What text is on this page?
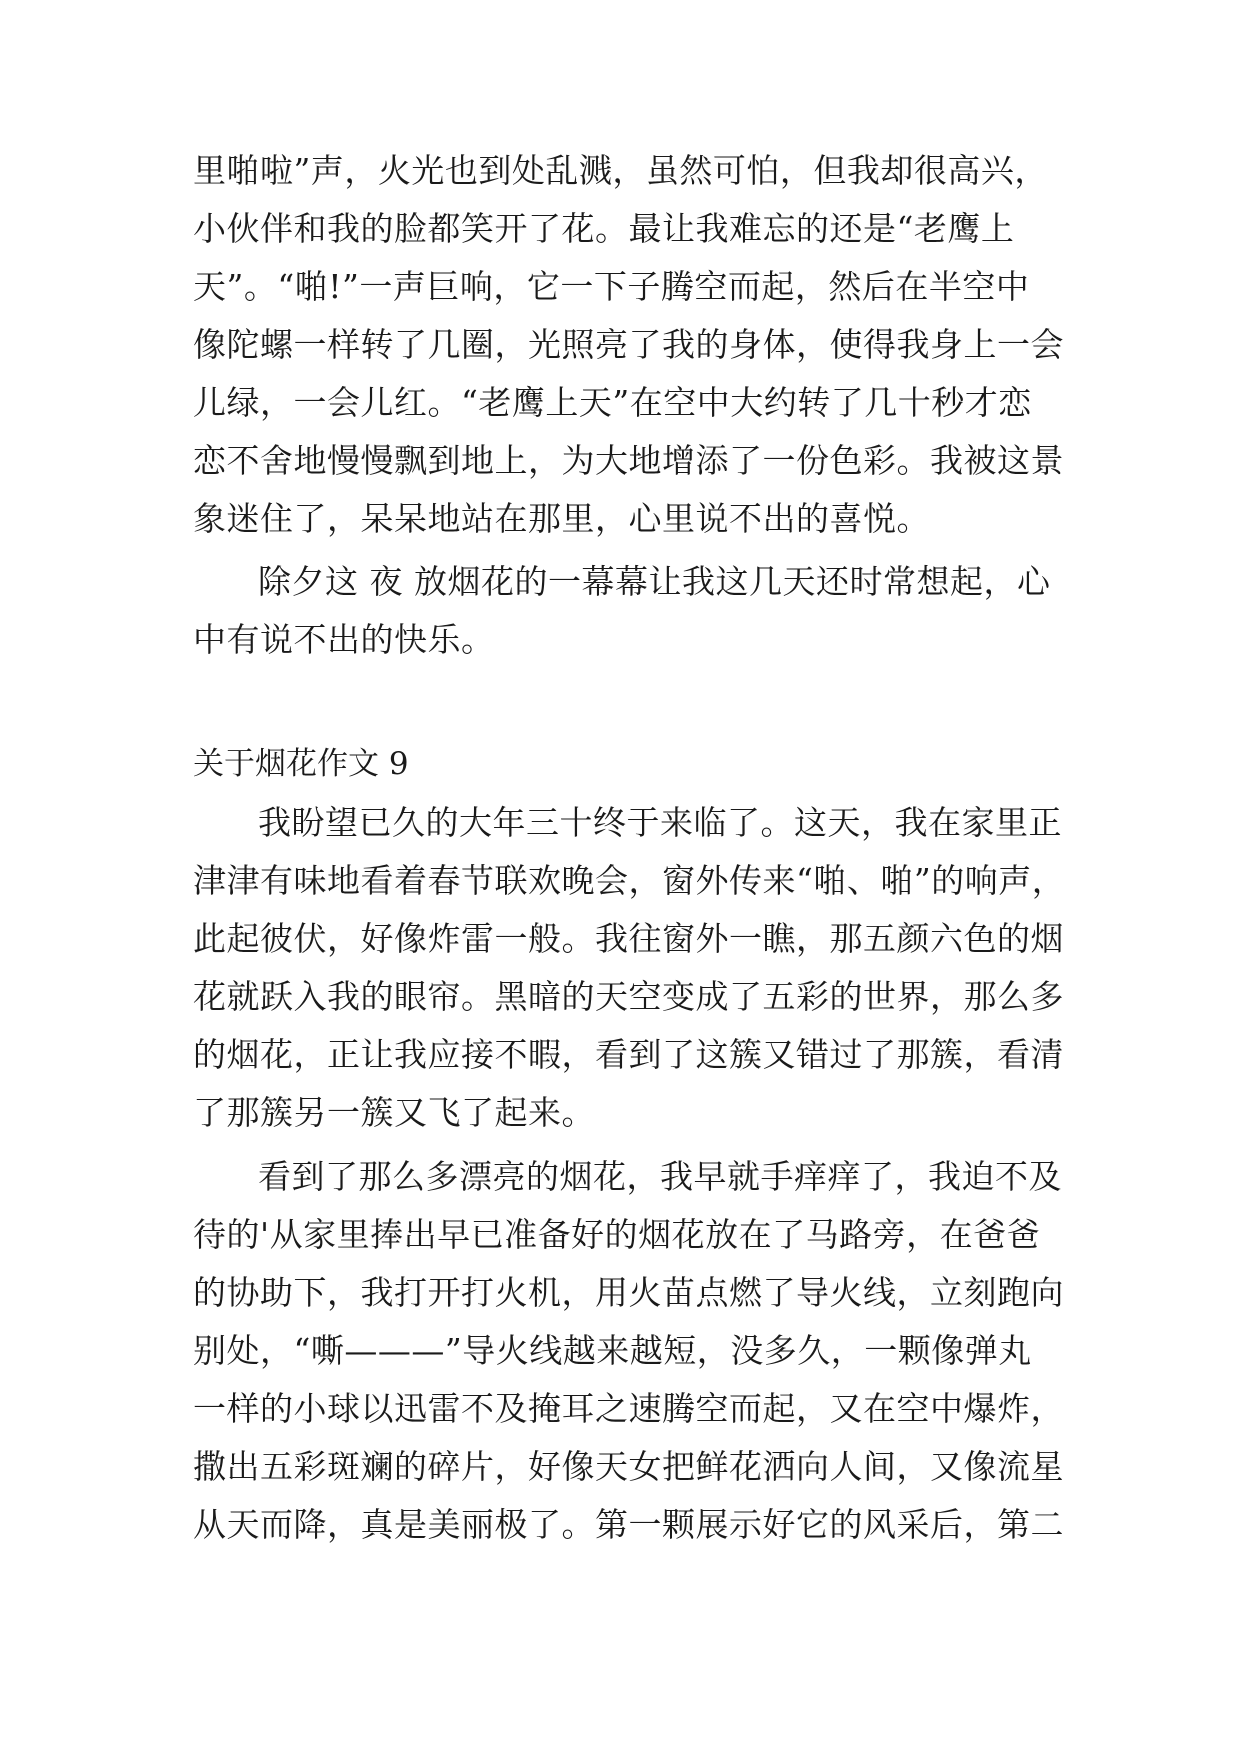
里啪啦”声，火光也到处乱溅，虽然可怕，但我却很高兴，
小伙伴和我的脸都笑开了花。最让我难忘的还是“老鹰上
天”。“啪!”一声巨响，它一下子腾空而起，然后在半空中
像陀螺一样转了几圈，光照亮了我的身体，使得我身上一会
儿绿，一会儿红。“老鹰上天”在空中大约转了几十秒才恋
恋不舍地慢慢飘到地上，为大地增添了一份色彩。我被这景
象迷住了，呆呆地站在那里，心里说不出的喜悦。
除夕这 夜 放烟花的一幕幕让我这几天还时常想起，心
中有说不出的快乐。
关于烟花作文 9
我盼望已久的大年三十终于来临了。这天，我在家里正
津津有味地看着春节联欢晚会，窗外传来“啪、啪”的响声，
此起彼伏，好像炸雷一般。我往窗外一瞧，那五颜六色的烟
花就跃入我的眼帘。黑暗的天空变成了五彩的世界，那么多
的烟花，正让我应接不暇，看到了这簇又错过了那簇，看清
了那簇另一簇又飞了起来。
看到了那么多漂亮的烟花，我早就手痒痒了，我迫不及
待的'从家里捧出早已准备好的烟花放在了马路旁，在爸爸
的协助下，我打开打火机，用火苗点燃了导火线，立刻跑向
别处，“嘶———”导火线越来越短，没多久，一颗像弹丸
一样的小球以迅雷不及掩耳之速腾空而起，又在空中爆炸，
撒出五彩斑斓的碎片，好像天女把鲜花洒向人间，又像流星
从天而降，真是美丽极了。第一颗展示好它的风采后，第二
